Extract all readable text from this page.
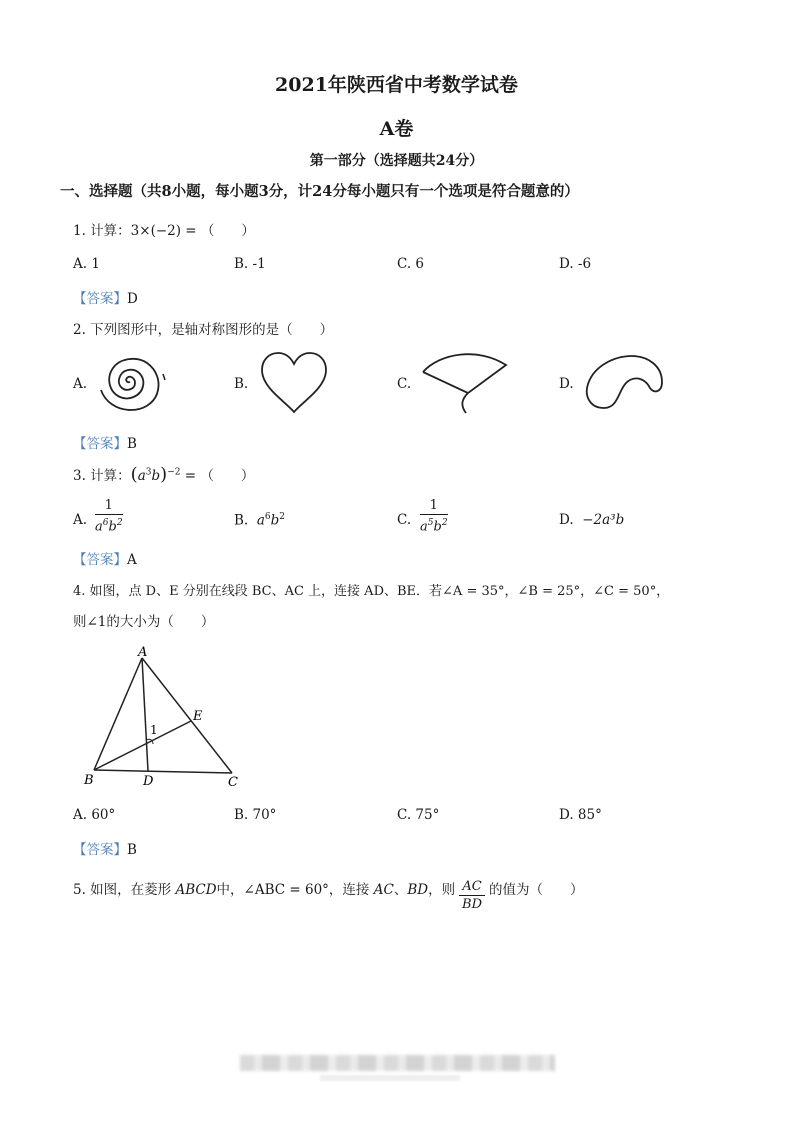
2021年陕西省中考数学试卷
A卷
第一部分（选择题共24分）
一、选择题（共8小题，每小题3分，计24分每小题只有一个选项是符合题意的）
1. 计算：3×(−2) = （　　）
A. 1	B. -1	C. 6	D. -6
【答案】D
2. 下列图形中，是轴对称图形的是（　　）
A.	B.	C.	D.
【答案】B
3. 计算：$(a^3b)^{-2}$ = （　　）
A. $\frac{1}{a^6b^2}$	B. $a^6b^2$	C. $\frac{1}{a^5b^2}$	D. −2a³b
【答案】A
4. 如图，点 D、E 分别在线段 BC、AC 上，连接 AD、BE．若∠A = 35°，∠B = 25°，∠C = 50°，
则∠1的大小为（　　）
A
B	C
D
E
1
A. 60°	B. 70°	C. 75°	D. 85°
【答案】B
5. 如图，在菱形 ABCD中，∠ABC = 60°，连接 AC、BD，则 $\frac{AC}{BD}$ 的值为（　　）
